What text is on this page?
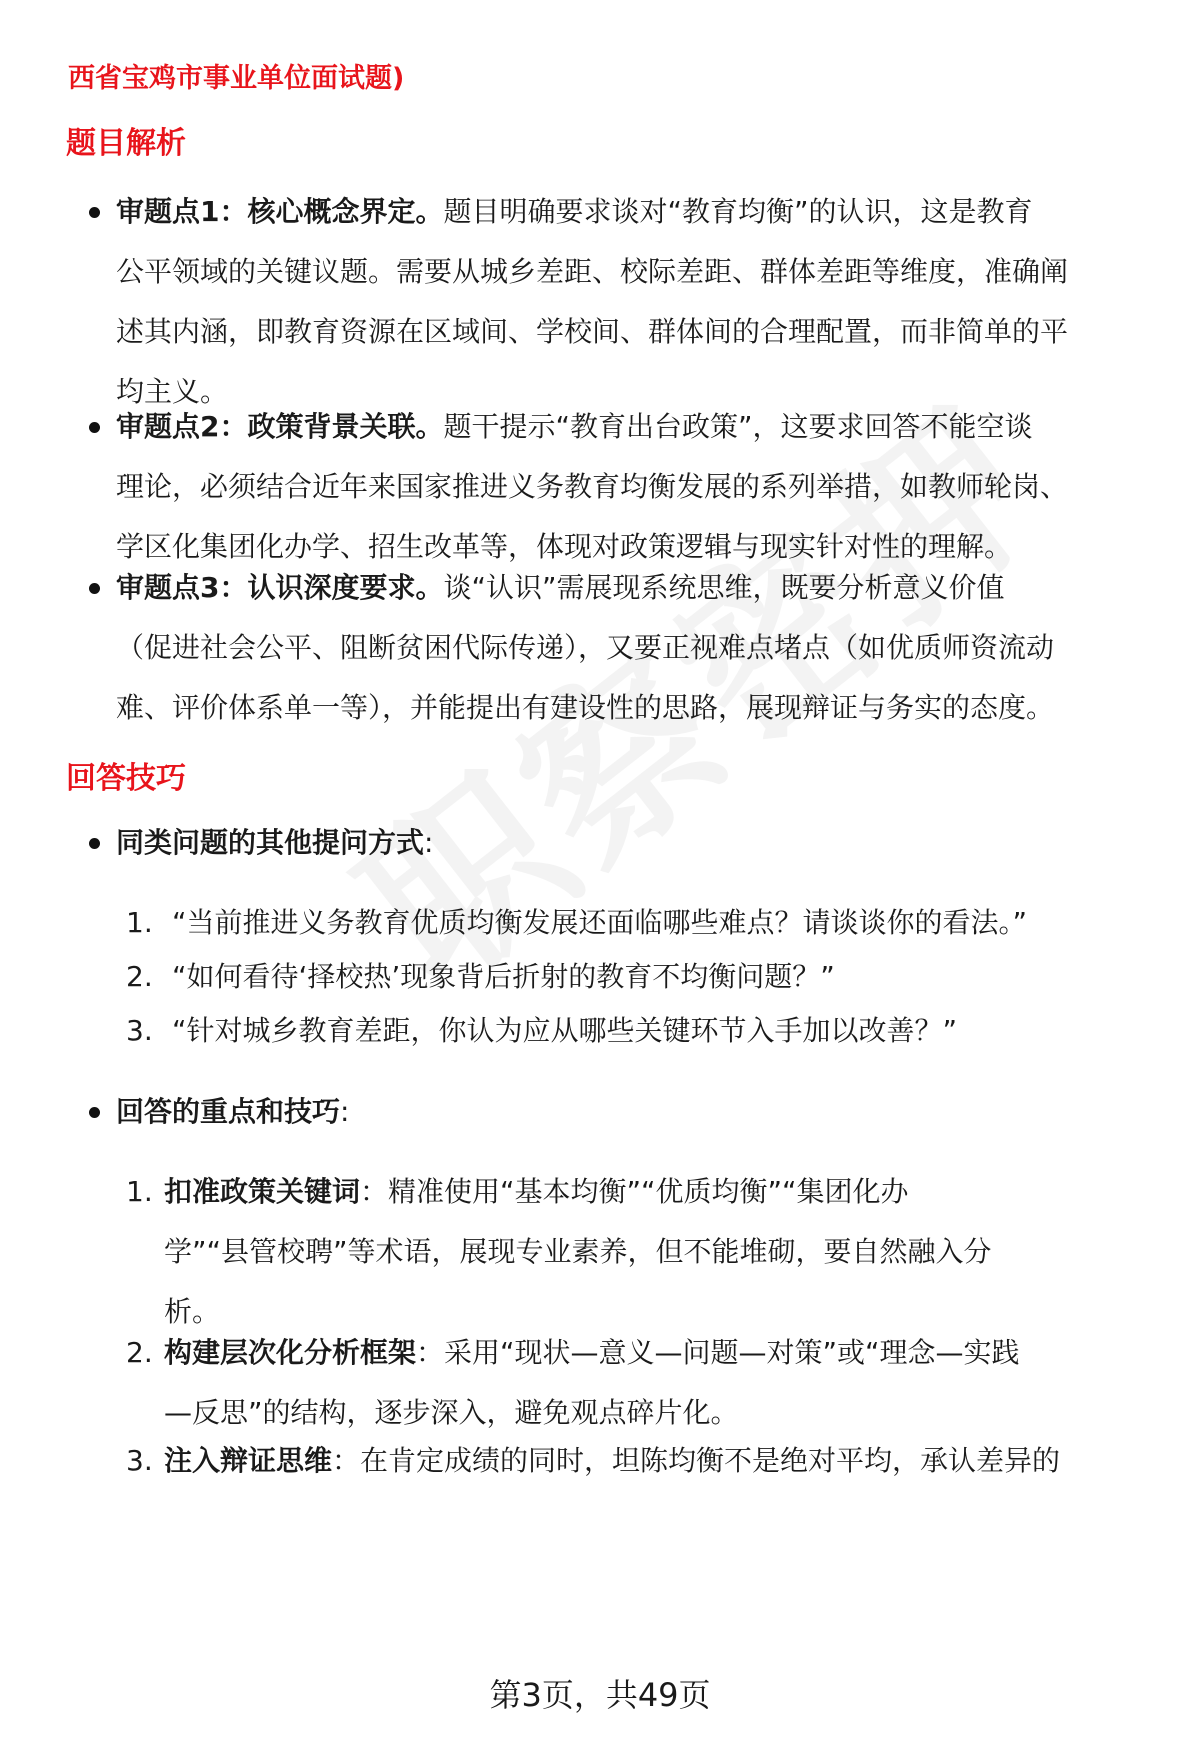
西省宝鸡市事业单位面试题)
题目解析
审题点1：核心概念界定。题目明确要求谈对“教育均衡”的认识，这是教育
公平领域的关键议题。需要从城乡差距、校际差距、群体差距等维度，准确阐
述其内涵，即教育资源在区域间、学校间、群体间的合理配置，而非简单的平
均主义。
审题点2：政策背景关联。题干提示“教育出台政策”，这要求回答不能空谈
理论，必须结合近年来国家推进义务教育均衡发展的系列举措，如教师轮岗、
学区化集团化办学、招生改革等，体现对政策逻辑与现实针对性的理解。
审题点3：认识深度要求。谈“认识”需展现系统思维，既要分析意义价值
（促进社会公平、阻断贫困代际传递），又要正视难点堵点（如优质师资流动
难、评价体系单一等），并能提出有建设性的思路，展现辩证与务实的态度。
回答技巧
同类问题的其他提问方式:
1. “当前推进义务教育优质均衡发展还面临哪些难点？请谈谈你的看法。”
2. “如何看待‘择校热’现象背后折射的教育不均衡问题？”
3. “针对城乡教育差距，你认为应从哪些关键环节入手加以改善？”
回答的重点和技巧:
1. 扣准政策关键词：精准使用“基本均衡”“优质均衡”“集团化办
学”“县管校聘”等术语，展现专业素养，但不能堆砌，要自然融入分
析。
2. 构建层次化分析框架：采用“现状—意义—问题—对策”或“理念—实践
—反思”的结构，逐步深入，避免观点碎片化。
3. 注入辩证思维：在肯定成绩的同时，坦陈均衡不是绝对平均，承认差异的
第3页，共49页
